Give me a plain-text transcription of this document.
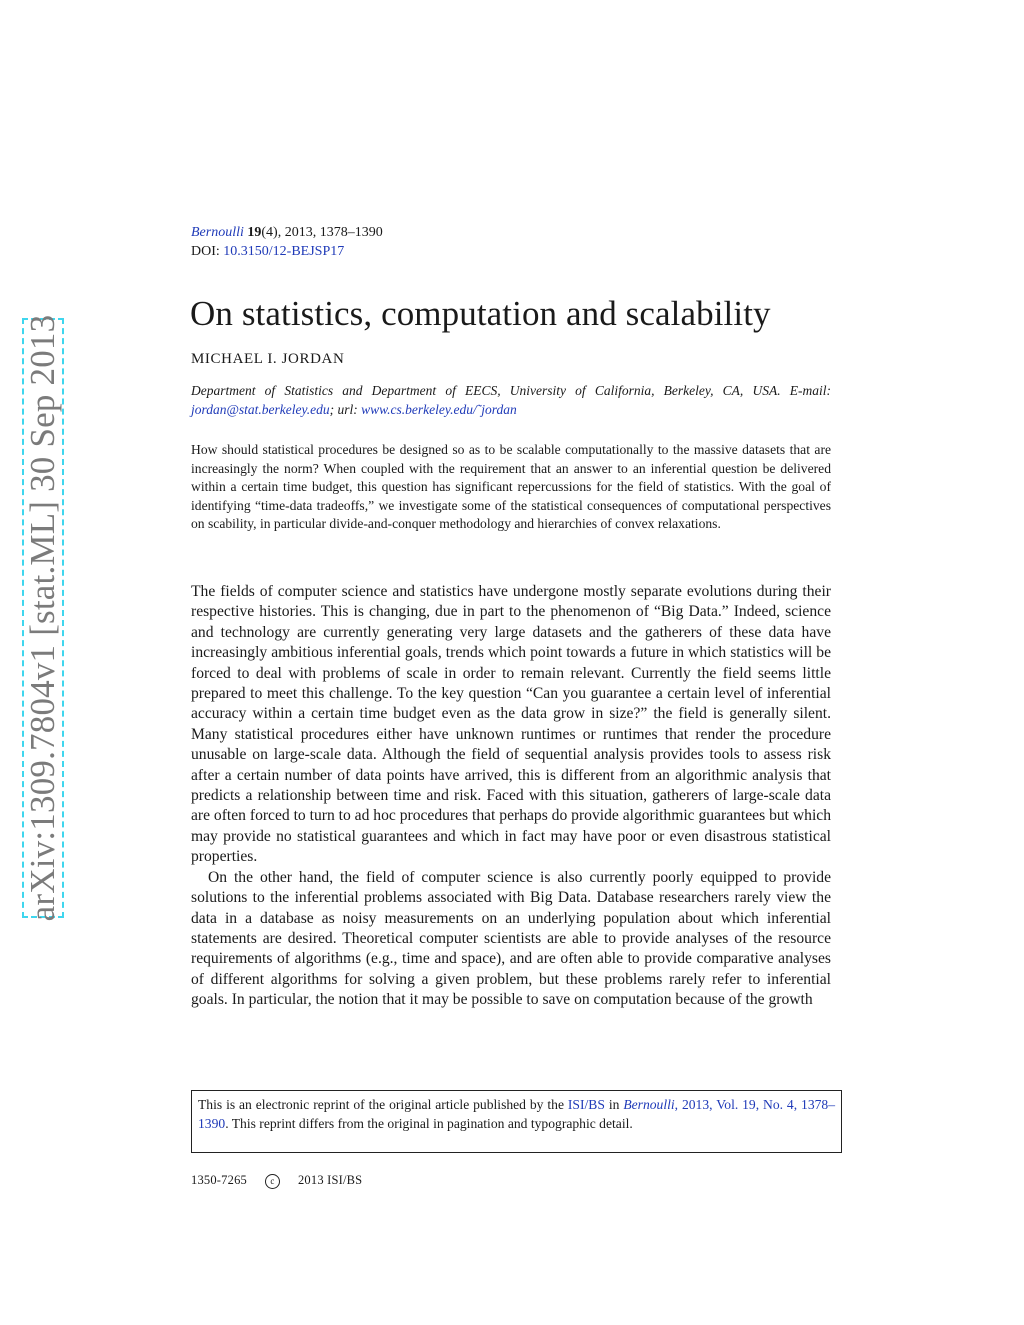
arXiv:1309.7804v1 [stat.ML] 30 Sep 2013
Bernoulli 19(4), 2013, 1378–1390
DOI: 10.3150/12-BEJSP17
On statistics, computation and scalability
MICHAEL I. JORDAN
Department of Statistics and Department of EECS, University of California, Berkeley, CA, USA. E-mail: jordan@stat.berkeley.edu; url: www.cs.berkeley.edu/˜jordan
How should statistical procedures be designed so as to be scalable computationally to the massive datasets that are increasingly the norm? When coupled with the requirement that an answer to an inferential question be delivered within a certain time budget, this question has significant repercussions for the field of statistics. With the goal of identifying “time-data tradeoffs,” we investigate some of the statistical consequences of computational perspectives on scability, in particular divide-and-conquer methodology and hierarchies of convex relaxations.

The fields of computer science and statistics have undergone mostly separate evolutions during their respective histories. This is changing, due in part to the phenomenon of “Big Data.” Indeed, science and technology are currently generating very large datasets and the gatherers of these data have increasingly ambitious inferential goals, trends which point towards a future in which statistics will be forced to deal with problems of scale in order to remain relevant. Currently the field seems little prepared to meet this challenge. To the key question “Can you guarantee a certain level of inferential accuracy within a certain time budget even as the data grow in size?” the field is generally silent. Many statistical procedures either have unknown runtimes or runtimes that render the procedure unusable on large-scale data. Although the field of sequential analysis provides tools to assess risk after a certain number of data points have arrived, this is different from an algorithmic analysis that predicts a relationship between time and risk. Faced with this situation, gatherers of large-scale data are often forced to turn to ad hoc procedures that perhaps do provide algorithmic guarantees but which may provide no statistical guarantees and which in fact may have poor or even disastrous statistical properties.

On the other hand, the field of computer science is also currently poorly equipped to provide solutions to the inferential problems associated with Big Data. Database researchers rarely view the data in a database as noisy measurements on an underlying population about which inferential statements are desired. Theoretical computer scientists are able to provide analyses of the resource requirements of algorithms (e.g., time and space), and are often able to provide comparative analyses of different algorithms for solving a given problem, but these problems rarely refer to inferential goals. In particular, the notion that it may be possible to save on computation because of the growth

This is an electronic reprint of the original article published by the ISI/BS in Bernoulli, 2013, Vol. 19, No. 4, 1378–1390. This reprint differs from the original in pagination and typographic detail.
1350-7265	c 2013 ISI/BS
